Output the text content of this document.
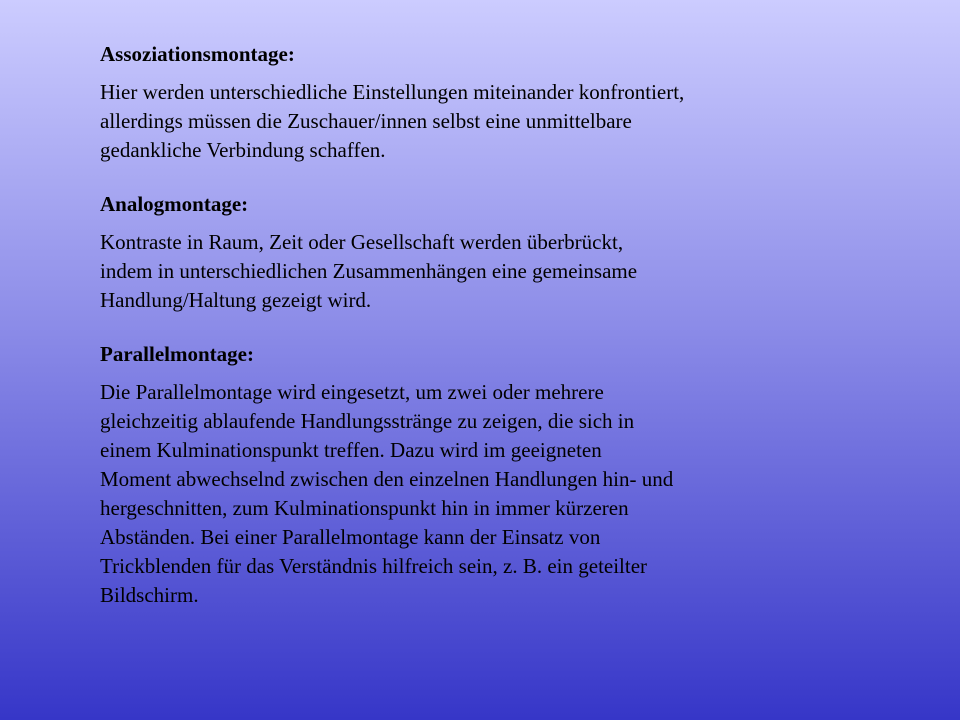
Assoziationsmontage:
Hier werden unterschiedliche Einstellungen miteinander konfrontiert,
allerdings müssen die Zuschauer/innen selbst eine unmittelbare
gedankliche Verbindung schaffen.
Analogmontage:
Kontraste in Raum, Zeit oder Gesellschaft werden überbrückt,
indem in unterschiedlichen Zusammenhängen eine gemeinsame
Handlung/Haltung gezeigt wird.
Parallelmontage:
Die Parallelmontage wird eingesetzt, um zwei oder mehrere
gleichzeitig ablaufende Handlungsstränge zu zeigen, die sich in
einem Kulminationspunkt treffen. Dazu wird im geeigneten
Moment abwechselnd zwischen den einzelnen Handlungen hin- und
hergeschnitten, zum Kulminationspunkt hin in immer kürzeren
Abständen. Bei einer Parallelmontage kann der Einsatz von
Trickblenden für das Verständnis hilfreich sein, z. B. ein geteilter
Bildschirm.
